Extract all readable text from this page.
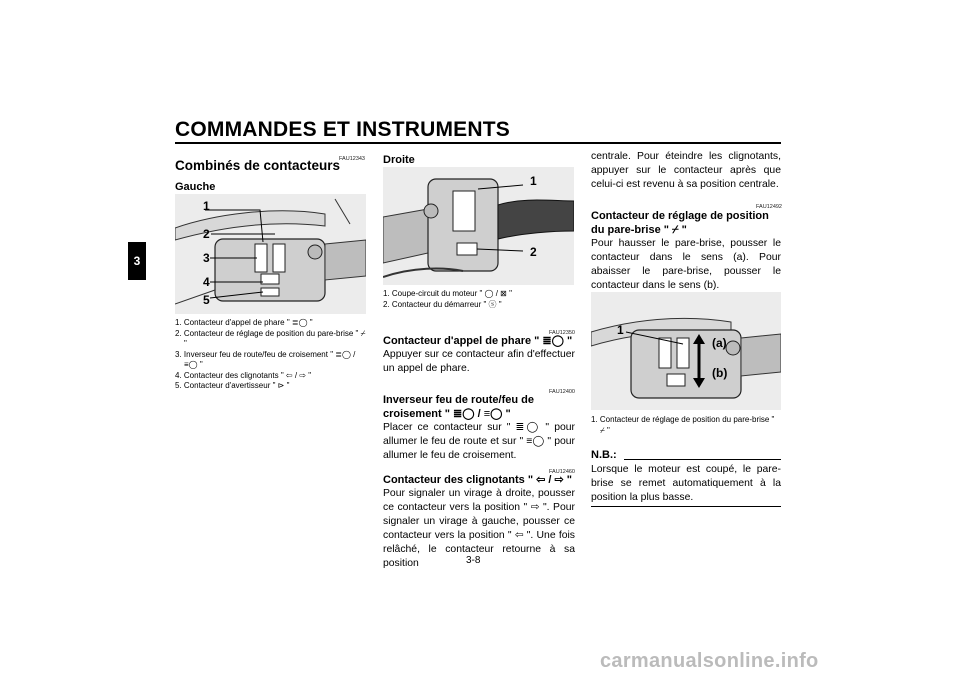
COMMANDES ET INSTRUMENTS
3
FAU12343
Combinés de contacteurs
Gauche
1
2
3
4
5
1. Contacteur d'appel de phare " ≣◯ "
2. Contacteur de réglage de position du pare-brise " ⌿ "
3. Inverseur feu de route/feu de croisement " ≣◯ / ≡◯ "
4. Contacteur des clignotants " ⇦ / ⇨ "
5. Contacteur d'avertisseur " ⊳ "
Droite
1
2
1. Coupe-circuit du moteur " ◯ / ⊠ "
2. Contacteur du démarreur " ⓢ "
FAU12350
Contacteur d'appel de phare " ≣◯ "
Appuyer sur ce contacteur afin d'effectuer un appel de phare.
FAU12400
Inverseur feu de route/feu de croisement " ≣◯ / ≡◯ "
Placer ce contacteur sur " ≣◯ " pour allumer le feu de route et sur " ≡◯ " pour allumer le feu de croisement.
FAU12460
Contacteur des clignotants " ⇦ / ⇨ "
Pour signaler un virage à droite, pousser ce contacteur vers la position " ⇨ ". Pour signaler un virage à gauche, pousser ce contacteur vers la position " ⇦ ". Une fois relâché, le contacteur retourne à sa position
centrale. Pour éteindre les clignotants, appuyer sur le contacteur après que celui-ci est revenu à sa position centrale.
FAU12492
Contacteur de réglage de position du pare-brise " ⌿ "
Pour hausser le pare-brise, pousser le contacteur dans le sens (a). Pour abaisser le pare-brise, pousser le contacteur dans le sens (b).
1
(a)
(b)
1. Contacteur de réglage de position du pare-brise " ⌿ "
N.B.:
Lorsque le moteur est coupé, le pare-brise se remet automatiquement à la position la plus basse.
3-8
carmanualsonline.info
